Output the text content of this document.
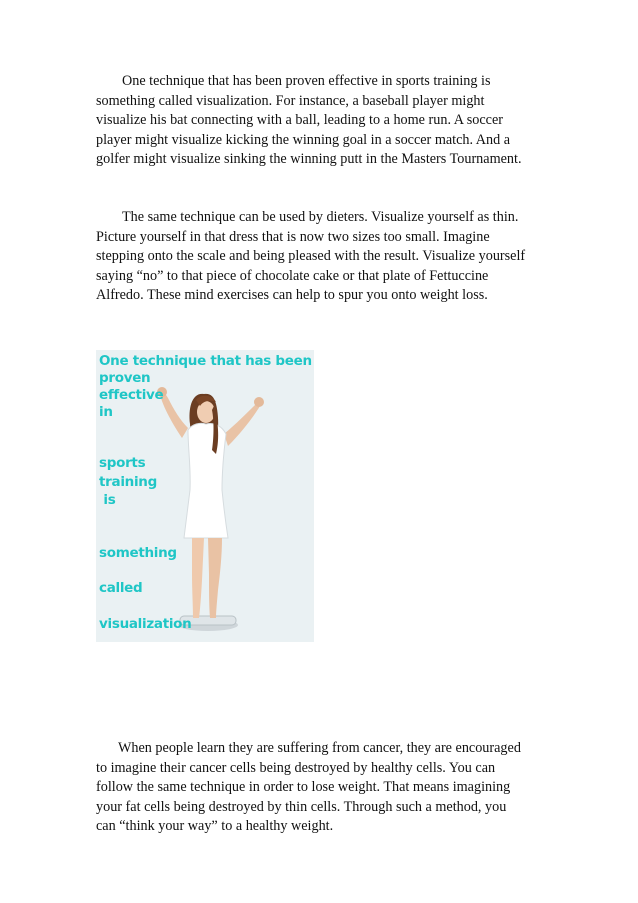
One technique that has been proven effective in sports training is
something called visualization. For instance, a baseball player might
visualize his bat connecting with a ball, leading to a home run. A soccer
player might visualize kicking the winning goal in a soccer match. And a
golfer might visualize sinking the winning putt in the Masters Tournament.
The same technique can be used by dieters. Visualize yourself as thin.
Picture yourself in that dress that is now two sizes too small. Imagine
stepping onto the scale and being pleased with the result. Visualize yourself
saying “no” to that piece of chocolate cake or that plate of Fettuccine
Alfredo. These mind exercises can help to spur you onto weight loss.
One technique that has been
proven
effective
in
sports
training
is
something
called
visualization
When people learn they are suffering from cancer, they are encouraged
to imagine their cancer cells being destroyed by healthy cells. You can
follow the same technique in order to lose weight. That means imagining
your fat cells being destroyed by thin cells. Through such a method, you
can “think your way” to a healthy weight.
